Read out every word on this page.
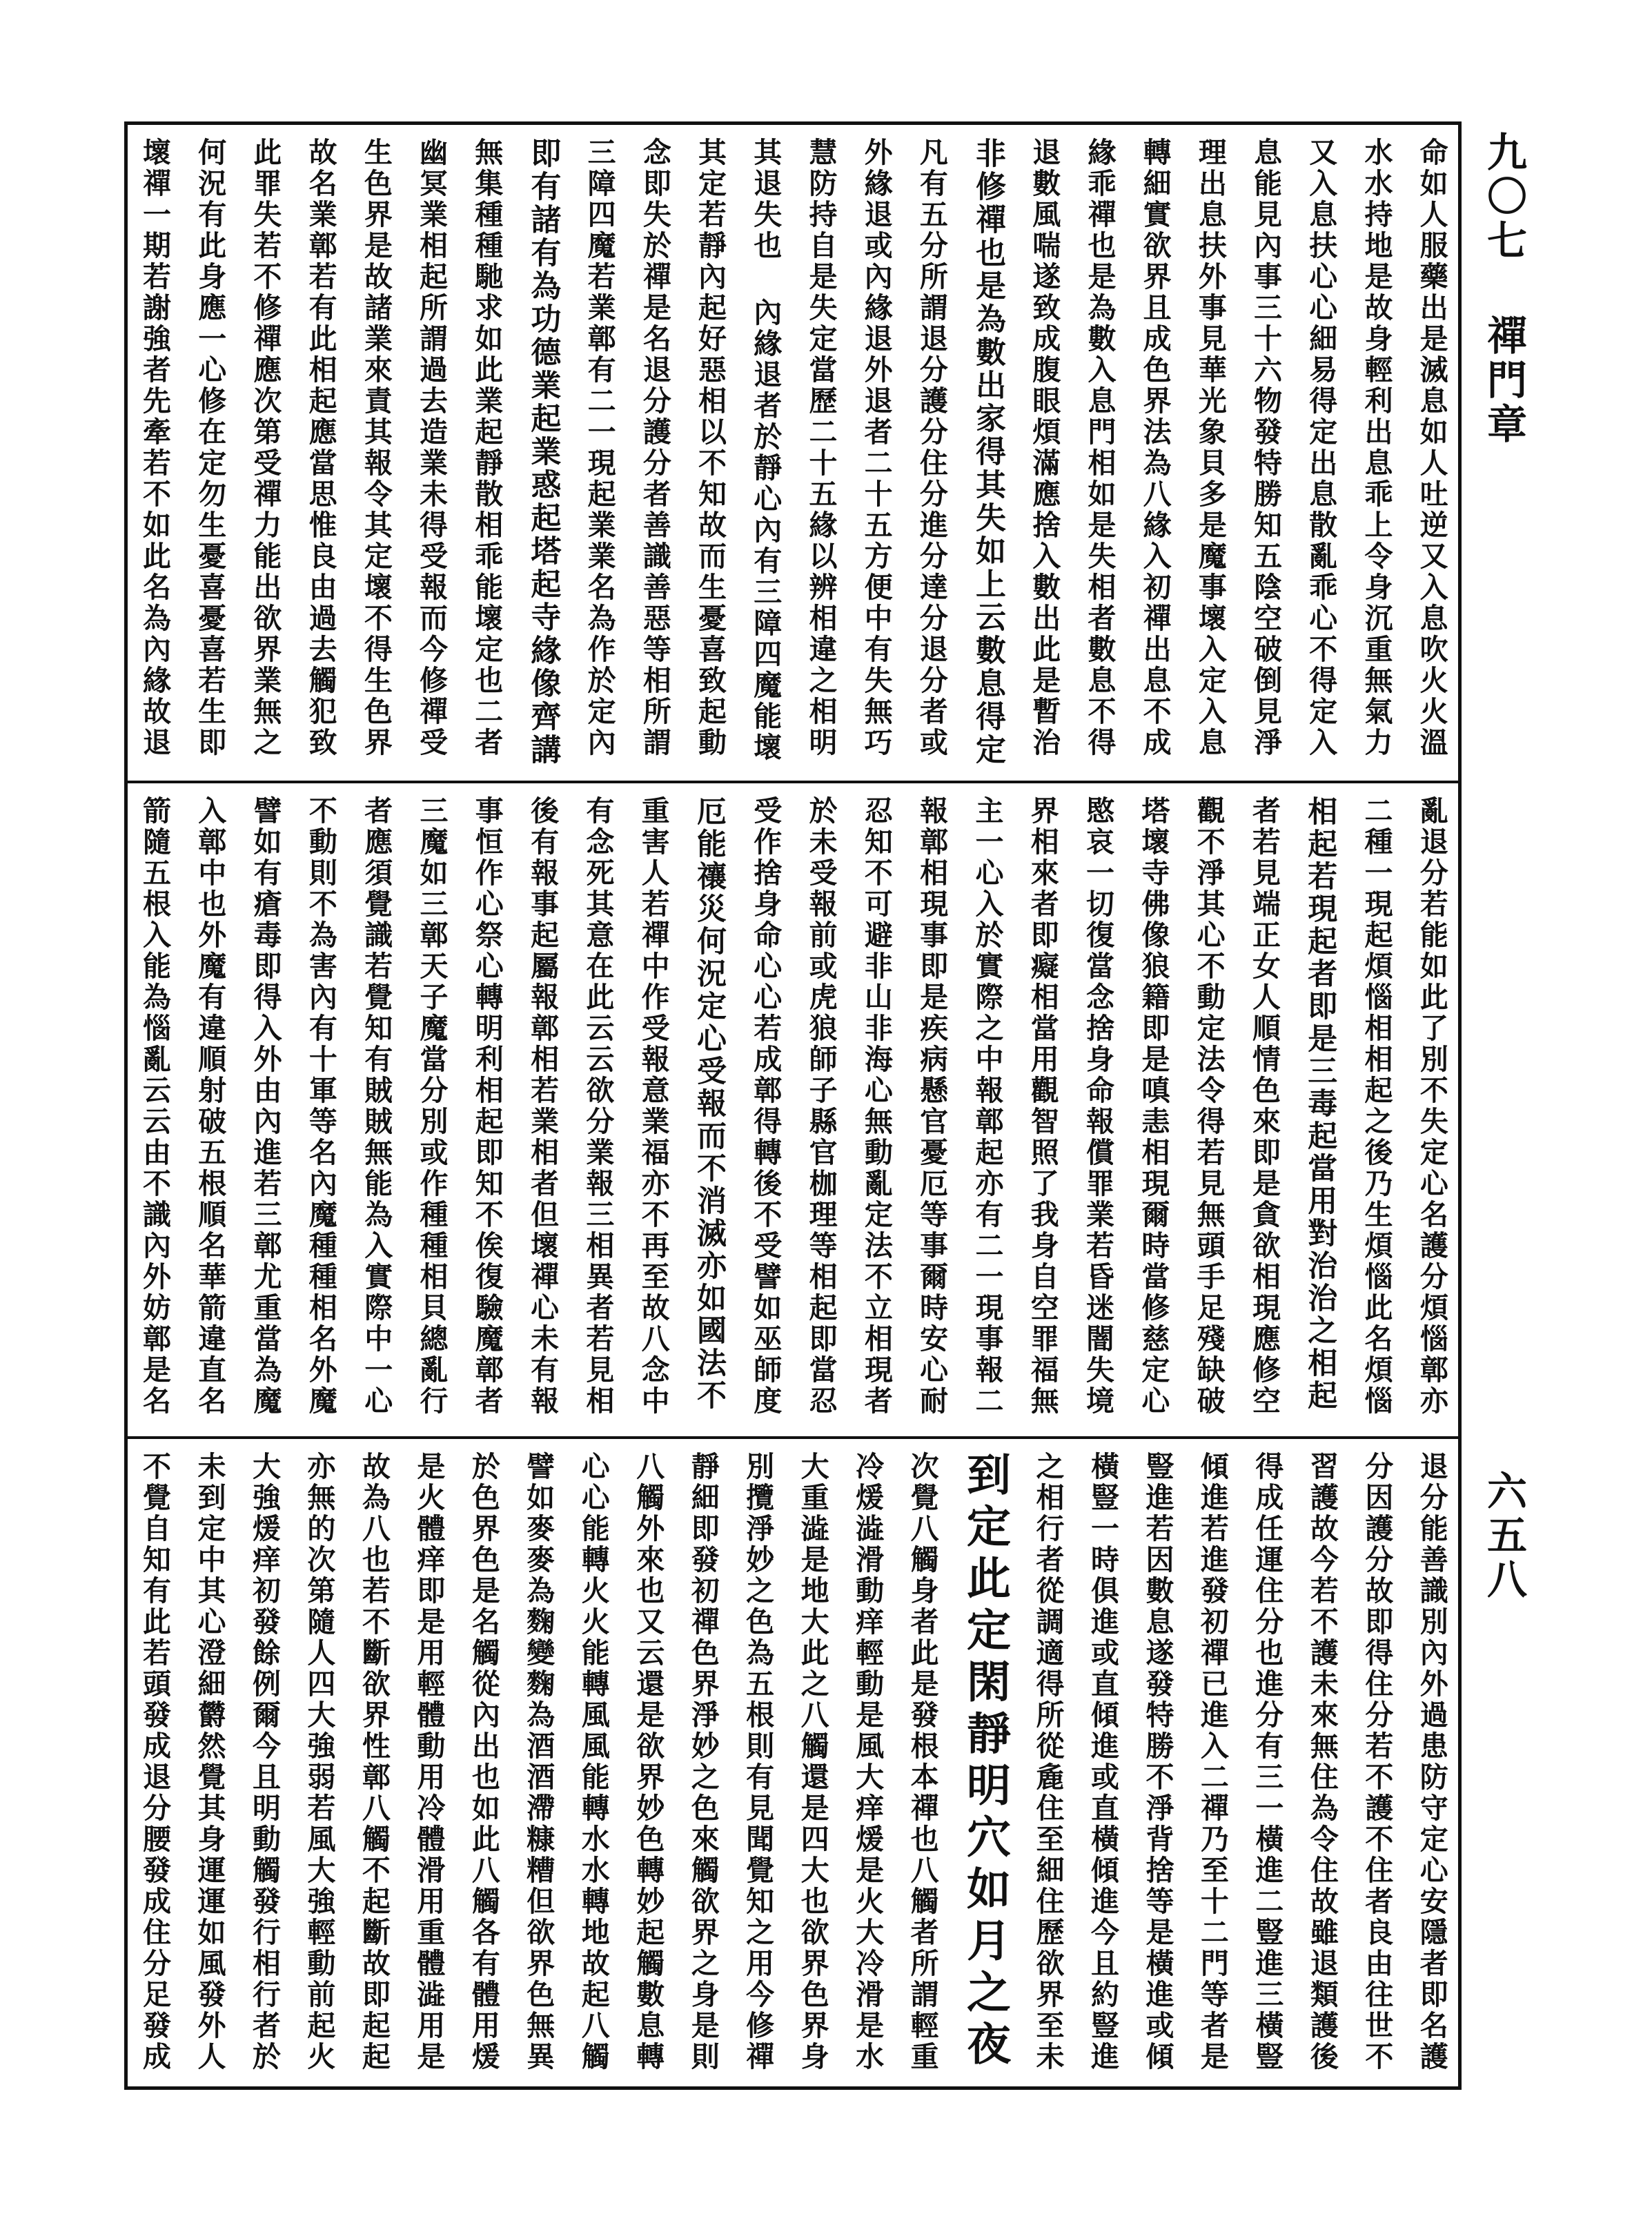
九〇七 禪門章
六五八
命如人服藥出是滅息如人吐逆又入息吹火火溫
水水持地是故身輕利出息乖上令身沉重無氣力
又入息扶心心細易得定出息散亂乖心不得定入
息能見內事三十六物發特勝知五陰空破倒見淨
理出息扶外事見華光象貝多是魔事壞入定入息
轉細實欲界且成色界法為八緣入初禪出息不成
緣乖禪也是為數入息門相如是失相者數息不得
退數風喘遂致成腹眼煩滿應捨入數出此是暫治
非修禪也是為數出家得其失如上云數息得定
凡有五分所謂退分護分住分進分達分退分者或
外緣退或內緣退外退者二十五方便中有失無巧
慧防持自是失定當歷二十五緣以辨相違之相明
其退失也 內緣退者於靜心內有三障四魔能壞
其定若靜內起好惡相以不知故而生憂喜致起動
念即失於禪是名退分護分者善識善惡等相所謂
三障四魔若業鄣有二一現起業業名為作於定內
即有諸有為功德業起業惑起塔起寺緣像齊講
無集種種馳求如此業起靜散相乖能壞定也二者
幽冥業相起所謂過去造業未得受報而今修禪受
生色界是故諸業來責其報令其定壞不得生色界
故名業鄣若有此相起應當思惟良由過去觸犯致
此罪失若不修禪應次第受禪力能出欲界業無之
何況有此身應一心修在定勿生憂喜憂喜若生即
壞禪一期若謝強者先牽若不如此名為內緣故退
亂退分若能如此了別不失定心名護分煩惱鄣亦
二種一現起煩惱相相起之後乃生煩惱此名煩惱
相起若現起者即是三毒起當用對治治之相起
者若見端正女人順情色來即是貪欲相現應修空
觀不淨其心不動定法令得若見無頭手足殘缺破
塔壞寺佛像狼籍即是嗔恚相現爾時當修慈定心
愍哀一切復當念捨身命報償罪業若昏迷闇失境
界相來者即癡相當用觀智照了我身自空罪福無
主一心入於實際之中報鄣起亦有二一現事報二
報鄣相現事即是疾病懸官憂厄等事爾時安心耐
忍知不可避非山非海心無動亂定法不立相現者
於未受報前或虎狼師子縣官枷理等相起即當忍
受作捨身命心心若成鄣得轉後不受譬如巫師度
厄能禳災何況定心受報而不消滅亦如國法不
重害人若禪中作受報意業福亦不再至故八念中
有念死其意在此云云欲分業報三相異者若見相
後有報事起屬報鄣相若業相者但壞禪心未有報
事恒作心祭心轉明利相起即知不俟復驗魔鄣者
三魔如三鄣天子魔當分別或作種種相貝總亂行
者應須覺識若覺知有賊賊無能為入實際中一心
不動則不為害內有十軍等名內魔種種相名外魔
譬如有瘡毒即得入外由內進若三鄣尤重當為魔
入鄣中也外魔有違順射破五根順名華箭違直名
箭隨五根入能為惱亂云云由不識內外妨鄣是名
退分能善識別內外過患防守定心安隱者即名護
分因護分故即得住分若不護不住者良由往世不
習護故今若不護未來無住為令住故雖退類護後
得成任運住分也進分有三一橫進二豎進三橫豎
傾進若進發初禪已進入二禪乃至十二門等者是
豎進若因數息遂發特勝不淨背捨等是橫進或傾
橫豎一時俱進或直傾進或直橫傾進今且約豎進
之相行者從調適得所從麁住至細住歷欲界至未
到定此定閑靜明穴如月之夜
次覺八觸身者此是發根本禪也八觸者所謂輕重
冷煖澁滑動痒輕動是風大痒煖是火大冷滑是水
大重澁是地大此之八觸還是四大也欲界色界身
別攬淨妙之色為五根則有見聞覺知之用今修禪
靜細即發初禪色界淨妙之色來觸欲界之身是則
八觸外來也又云還是欲界妙色轉妙起觸數息轉
心心能轉火火能轉風風能轉水水轉地故起八觸
譬如麥麥為麴變麴為酒酒滯糠糟但欲界色無異
於色界色是名觸從內出也如此八觸各有體用煖
是火體痒即是用輕體動用冷體滑用重體澁用是
故為八也若不斷欲界性鄣八觸不起斷故即起起
亦無的次第隨人四大強弱若風大強輕動前起火
大強煖痒初發餘例爾今且明動觸發行相行者於
未到定中其心澄細欝然覺其身運運如風發外人
不覺自知有此若頭發成退分腰發成住分足發成
